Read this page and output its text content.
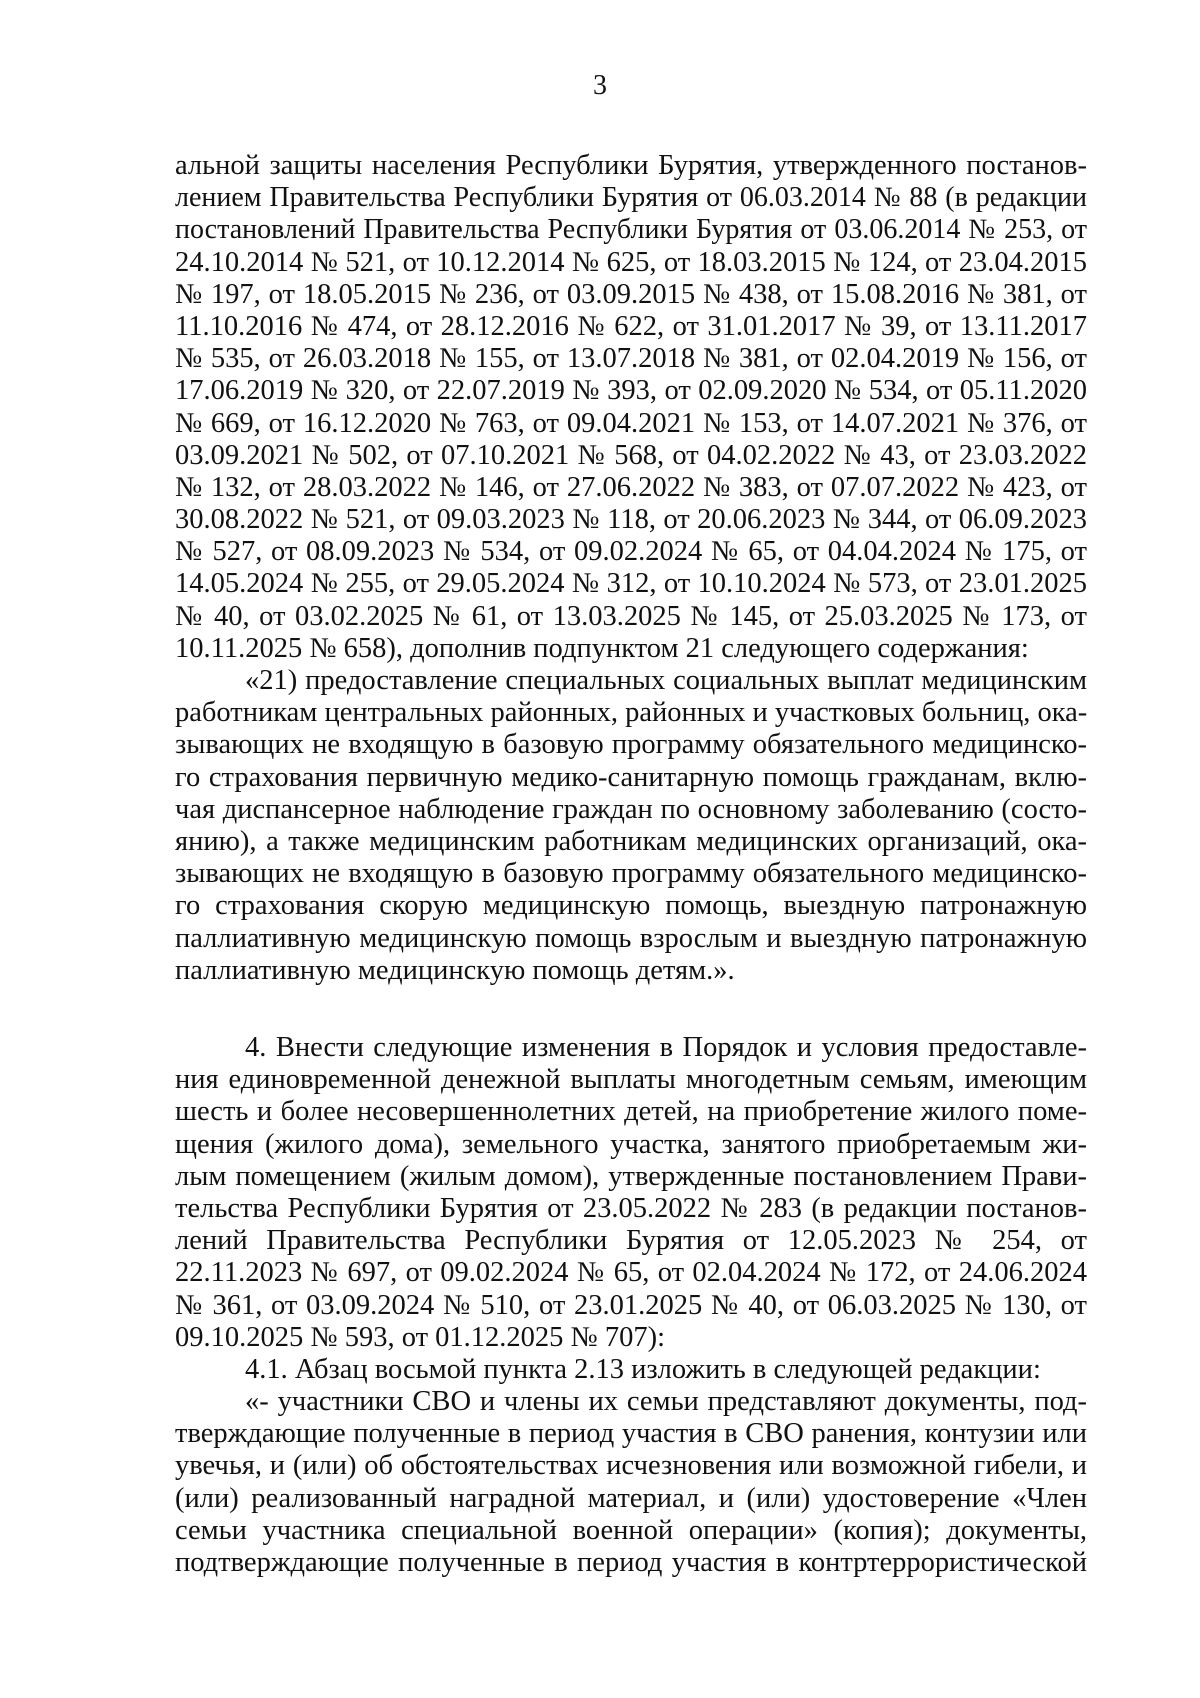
3
альной защиты населения Республики Бурятия, утвержденного постанов-
лением Правительства Республики Бурятия от 06.03.2014 № 88 (в редакции
постановлений Правительства Республики Бурятия от 03.06.2014 № 253, от
24.10.2014 № 521, от 10.12.2014 № 625, от 18.03.2015 № 124, от 23.04.2015
№ 197, от 18.05.2015 № 236, от 03.09.2015 № 438, от 15.08.2016 № 381, от
11.10.2016 № 474, от 28.12.2016 № 622, от 31.01.2017 № 39, от 13.11.2017
№ 535, от 26.03.2018 № 155, от 13.07.2018 № 381, от 02.04.2019 № 156, от
17.06.2019 № 320, от 22.07.2019 № 393, от 02.09.2020 № 534, от 05.11.2020
№ 669, от 16.12.2020 № 763, от 09.04.2021 № 153, от 14.07.2021 № 376, от
03.09.2021 № 502, от 07.10.2021 № 568, от 04.02.2022 № 43, от 23.03.2022
№ 132, от 28.03.2022 № 146, от 27.06.2022 № 383, от 07.07.2022 № 423, от
30.08.2022 № 521, от 09.03.2023 № 118, от 20.06.2023 № 344, от 06.09.2023
№ 527, от 08.09.2023 № 534, от 09.02.2024 № 65, от 04.04.2024 № 175, от
14.05.2024 № 255, от 29.05.2024 № 312, от 10.10.2024 № 573, от 23.01.2025
№ 40, от 03.02.2025 № 61, от 13.03.2025 № 145, от 25.03.2025 № 173, от
10.11.2025 № 658), дополнив подпунктом 21 следующего содержания:
«21) предоставление специальных социальных выплат медицинским
работникам центральных районных, районных и участковых больниц, ока-
зывающих не входящую в базовую программу обязательного медицинско-
го страхования первичную медико-санитарную помощь гражданам, вклю-
чая диспансерное наблюдение граждан по основному заболеванию (состо-
янию), а также медицинским работникам медицинских организаций, ока-
зывающих не входящую в базовую программу обязательного медицинско-
го страхования скорую медицинскую помощь, выездную патронажную
паллиативную медицинскую помощь взрослым и выездную патронажную
паллиативную медицинскую помощь детям.».
4. Внести следующие изменения в Порядок и условия предоставле-
ния единовременной денежной выплаты многодетным семьям, имеющим
шесть и более несовершеннолетних детей, на приобретение жилого поме-
щения (жилого дома), земельного участка, занятого приобретаемым жи-
лым помещением (жилым домом), утвержденные постановлением Прави-
тельства Республики Бурятия от 23.05.2022 № 283 (в редакции постанов-
лений Правительства Республики Бурятия от 12.05.2023 № 254, от
22.11.2023 № 697, от 09.02.2024 № 65, от 02.04.2024 № 172, от 24.06.2024
№ 361, от 03.09.2024 № 510, от 23.01.2025 № 40, от 06.03.2025 № 130, от
09.10.2025 № 593, от 01.12.2025 № 707):
4.1. Абзац восьмой пункта 2.13 изложить в следующей редакции:
«- участники СВО и члены их семьи представляют документы, под-
тверждающие полученные в период участия в СВО ранения, контузии или
увечья, и (или) об обстоятельствах исчезновения или возможной гибели, и
(или) реализованный наградной материал, и (или) удостоверение «Член
семьи участника специальной военной операции» (копия); документы,
подтверждающие полученные в период участия в контртеррористической
